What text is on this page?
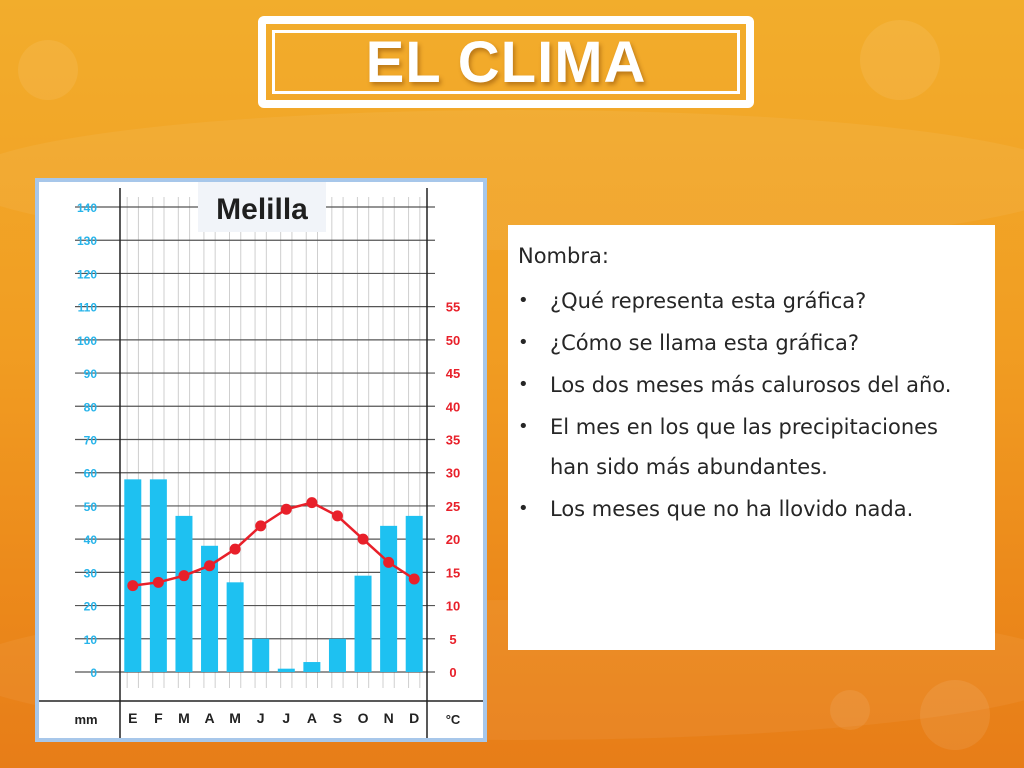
EL CLIMA
0
10
20
30
40
50
60
70
80
90
100
110
120
130
140
0
5
10
15
20
25
30
35
40
45
50
55
E F M A M J J A S O N D
Melilla
mm	°C

Nombra:

• ¿Qué representa esta gráfica?
• ¿Cómo se llama esta gráfica?
• Los dos meses más calurosos del año.
• El mes en los que las precipitaciones han sido más abundantes.
• Los meses que no ha llovido nada.
